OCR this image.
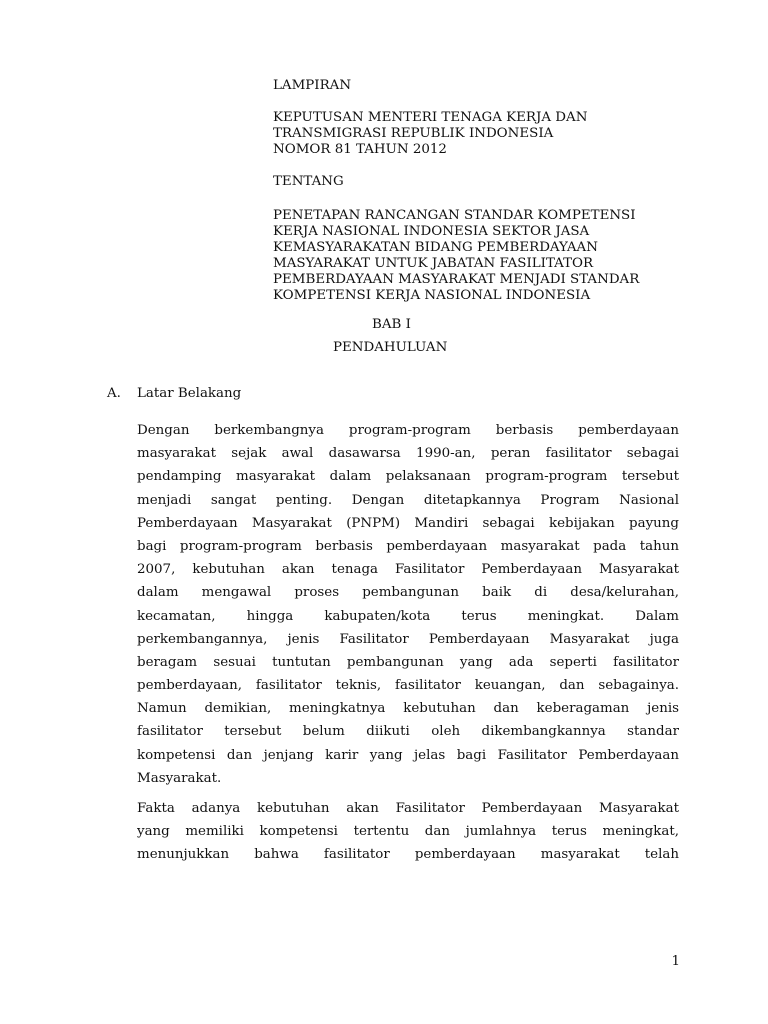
LAMPIRAN
KEPUTUSAN MENTERI TENAGA KERJA DAN
TRANSMIGRASI REPUBLIK INDONESIA
NOMOR 81 TAHUN 2012
TENTANG
PENETAPAN RANCANGAN STANDAR KOMPETENSI
KERJA NASIONAL INDONESIA SEKTOR JASA
KEMASYARAKATAN BIDANG PEMBERDAYAAN
MASYARAKAT UNTUK JABATAN FASILITATOR
PEMBERDAYAAN MASYARAKAT MENJADI STANDAR
KOMPETENSI KERJA NASIONAL INDONESIA
BAB I
PENDAHULUAN
A. Latar Belakang
Dengan berkembangnya program-program berbasis pemberdayaan
masyarakat sejak awal dasawarsa 1990-an, peran fasilitator sebagai
pendamping masyarakat dalam pelaksanaan program-program tersebut
menjadi sangat penting. Dengan ditetapkannya Program Nasional
Pemberdayaan Masyarakat (PNPM) Mandiri sebagai kebijakan payung
bagi program-program berbasis pemberdayaan masyarakat pada tahun
2007, kebutuhan akan tenaga Fasilitator Pemberdayaan Masyarakat
dalam mengawal proses pembangunan baik di desa/kelurahan,
kecamatan, hingga kabupaten/kota terus meningkat. Dalam
perkembangannya, jenis Fasilitator Pemberdayaan Masyarakat juga
beragam sesuai tuntutan pembangunan yang ada seperti fasilitator
pemberdayaan, fasilitator teknis, fasilitator keuangan, dan sebagainya.
Namun demikian, meningkatnya kebutuhan dan keberagaman jenis
fasilitator tersebut belum diikuti oleh dikembangkannya standar
kompetensi dan jenjang karir yang jelas bagi Fasilitator Pemberdayaan
Masyarakat.
Fakta adanya kebutuhan akan Fasilitator Pemberdayaan Masyarakat
yang memiliki kompetensi tertentu dan jumlahnya terus meningkat,
menunjukkan bahwa fasilitator pemberdayaan masyarakat telah
1
